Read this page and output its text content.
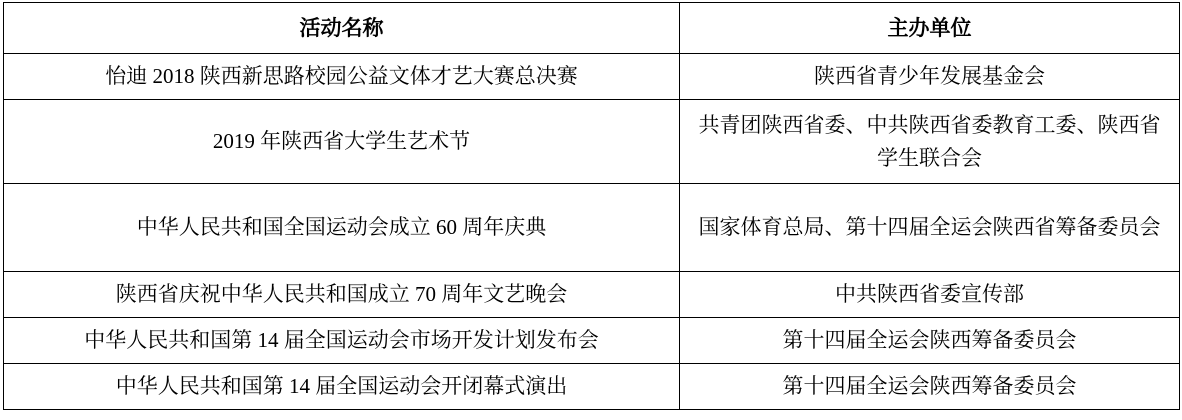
活动名称	主办单位
怡迪 2018 陕西新思路校园公益文体才艺大赛总决赛	陕西省青少年发展基金会
2019 年陕西省大学生艺术节	共青团陕西省委、中共陕西省委教育工委、陕西省学生联合会
中华人民共和国全国运动会成立 60 周年庆典	国家体育总局、第十四届全运会陕西省筹备委员会
陕西省庆祝中华人民共和国成立 70 周年文艺晚会	中共陕西省委宣传部
中华人民共和国第 14 届全国运动会市场开发计划发布会	第十四届全运会陕西筹备委员会
中华人民共和国第 14 届全国运动会开闭幕式演出	第十四届全运会陕西筹备委员会
